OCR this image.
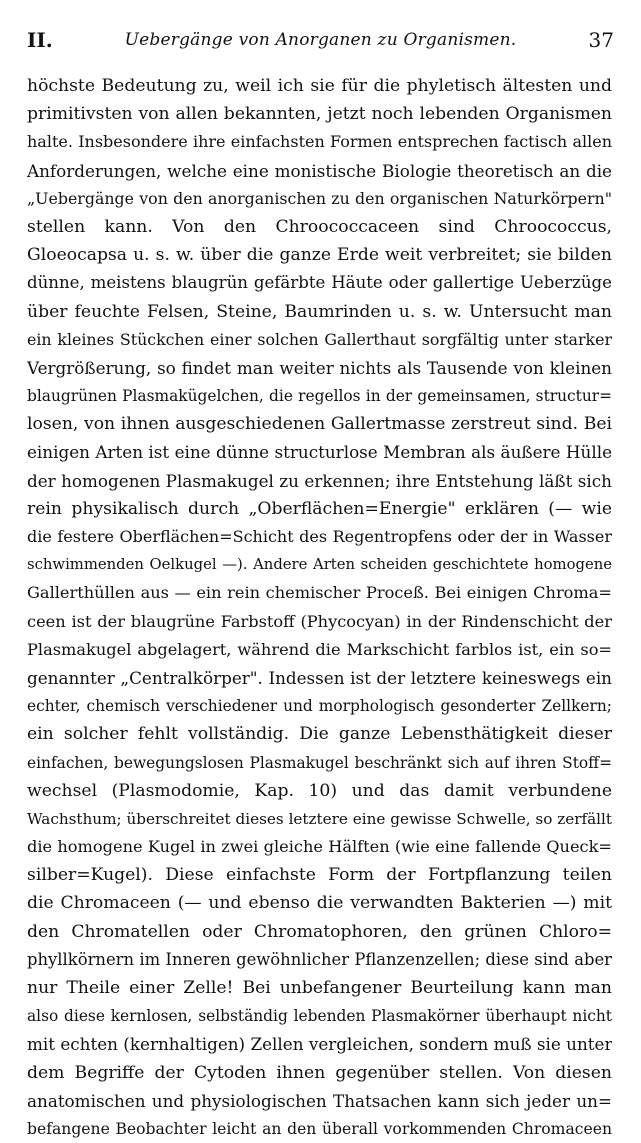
II.	Uebergänge von Anorganen zu Organismen.	37
höchste Bedeutung zu, weil ich sie für die phyletisch ältesten und
primitivsten von allen bekannten, jetzt noch lebenden Organismen
halte. Insbesondere ihre einfachsten Formen entsprechen factisch allen
Anforderungen, welche eine monistische Biologie theoretisch an die
„Uebergänge von den anorganischen zu den organischen Naturkörpern"
stellen kann. Von den Chroococcaceen sind Chroococcus,
Gloeocapsa u. s. w. über die ganze Erde weit verbreitet; sie bilden
dünne, meistens blaugrün gefärbte Häute oder gallertige Ueberzüge
über feuchte Felsen, Steine, Baumrinden u. s. w. Untersucht man
ein kleines Stückchen einer solchen Gallerthaut sorgfältig unter starker
Vergrößerung, so findet man weiter nichts als Tausende von kleinen
blaugrünen Plasmakügelchen, die regellos in der gemeinsamen, structur=
losen, von ihnen ausgeschiedenen Gallertmasse zerstreut sind. Bei
einigen Arten ist eine dünne structurlose Membran als äußere Hülle
der homogenen Plasmakugel zu erkennen; ihre Entstehung läßt sich
rein physikalisch durch „Oberflächen=Energie" erklären (— wie
die festere Oberflächen=Schicht des Regentropfens oder der in Wasser
schwimmenden Oelkugel —). Andere Arten scheiden geschichtete homogene
Gallerthüllen aus — ein rein chemischer Proceß. Bei einigen Chroma=
ceen ist der blaugrüne Farbstoff (Phycocyan) in der Rindenschicht der
Plasmakugel abgelagert, während die Markschicht farblos ist, ein so=
genannter „Centralkörper". Indessen ist der letztere keineswegs ein
echter, chemisch verschiedener und morphologisch gesonderter Zellkern;
ein solcher fehlt vollständig. Die ganze Lebensthätigkeit dieser
einfachen, bewegungslosen Plasmakugel beschränkt sich auf ihren Stoff=
wechsel (Plasmodomie, Kap. 10) und das damit verbundene
Wachsthum; überschreitet dieses letztere eine gewisse Schwelle, so zerfällt
die homogene Kugel in zwei gleiche Hälften (wie eine fallende Queck=
silber=Kugel). Diese einfachste Form der Fortpflanzung teilen
die Chromaceen (— und ebenso die verwandten Bakterien —) mit
den Chromatellen oder Chromatophoren, den grünen Chloro=
phyllkörnern im Inneren gewöhnlicher Pflanzenzellen; diese sind aber
nur Theile einer Zelle! Bei unbefangener Beurteilung kann man
also diese kernlosen, selbständig lebenden Plasmakörner überhaupt nicht
mit echten (kernhaltigen) Zellen vergleichen, sondern muß sie unter
dem Begriffe der Cytoden ihnen gegenüber stellen. Von diesen
anatomischen und physiologischen Thatsachen kann sich jeder un=
befangene Beobachter leicht an den überall vorkommenden Chromaceen
